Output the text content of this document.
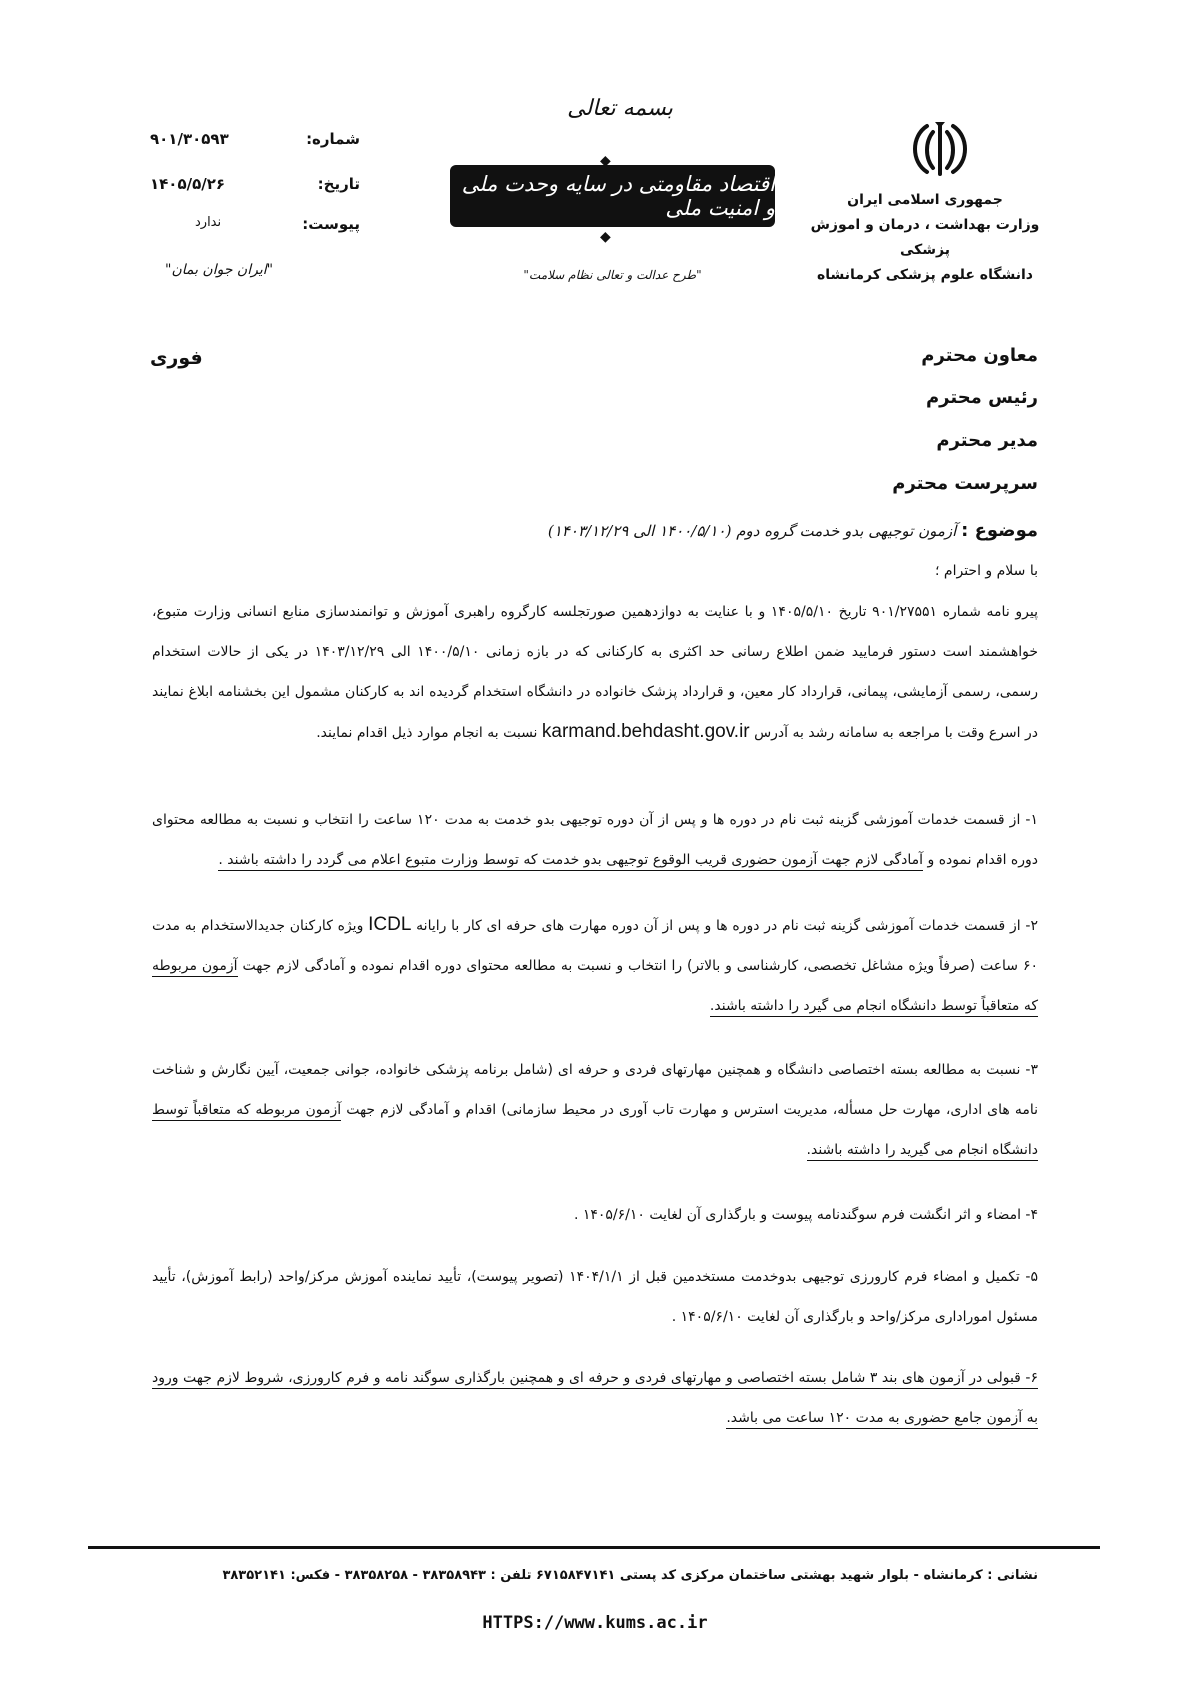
جمهوری اسلامی ایران
وزارت بهداشت ، درمان و اموزش پزشکی
دانشگاه علوم پزشکی کرمانشاه
بسمه تعالی
◆ اقتصاد مقاومتی در سایه وحدت ملی و امنیت ملی
◆
"طرح عدالت و تعالی نظام سلامت"
شماره:
۹۰۱/۳۰۵۹۳
تاریخ:
۱۴۰۵/۵/۲۶
پیوست:
ندارد
"ایران جوان بمان"
فوری	معاون محترم
رئیس محترم
مدیر محترم
سرپرست محترم
موضوع : آزمون توجیهی بدو خدمت گروه دوم (۱۴۰۰/۵/۱۰ الی ۱۴۰۳/۱۲/۲۹)
با سلام و احترام ؛
پیرو نامه شماره ۹۰۱/۲۷۵۵۱ تاریخ ۱۴۰۵/۵/۱۰ و با عنایت به دوازدهمین صورتجلسه کارگروه راهبری آموزش و توانمندسازی منابع انسانی وزارت متبوع، خواهشمند است دستور فرمایید ضمن اطلاع رسانی حد اکثری به کارکنانی که در بازه زمانی ۱۴۰۰/۵/۱۰ الی ۱۴۰۳/۱۲/۲۹ در یکی از حالات استخدام رسمی، رسمی آزمایشی، پیمانی، قرارداد کار معین، و قرارداد پزشک خانواده در دانشگاه استخدام گردیده اند به کارکنان مشمول این بخشنامه ابلاغ نمایند در اسرع وقت با مراجعه به سامانه رشد به آدرس karmand.behdasht.gov.ir نسبت به انجام موارد ذیل اقدام نمایند.
۱- از قسمت خدمات آموزشی گزینه ثبت نام در دوره ها و پس از آن دوره توجیهی بدو خدمت به مدت ۱۲۰ ساعت را انتخاب و نسبت به مطالعه محتوای دوره اقدام نموده و آمادگی لازم جهت آزمون حضوری قریب الوقوع توجیهی بدو خدمت که توسط وزارت متبوع اعلام می گردد را داشته باشند .
۲- از قسمت خدمات آموزشی گزینه ثبت نام در دوره ها و پس از آن دوره مهارت های حرفه ای کار با رایانه ICDL ویژه کارکنان جدیدالاستخدام به مدت ۶۰ ساعت (صرفاً ویژه مشاغل تخصصی، کارشناسی و بالاتر) را انتخاب و نسبت به مطالعه محتوای دوره اقدام نموده و آمادگی لازم جهت آزمون مربوطه که متعاقباً توسط دانشگاه انجام می گیرد را داشته باشند.
۳- نسبت به مطالعه بسته اختصاصی دانشگاه و همچنین مهارتهای فردی و حرفه ای (شامل برنامه پزشکی خانواده، جوانی جمعیت، آیین نگارش و شناخت نامه های اداری، مهارت حل مسأله، مدیریت استرس و مهارت تاب آوری در محیط سازمانی) اقدام و آمادگی لازم جهت آزمون مربوطه که متعاقباً توسط دانشگاه انجام می گیرید را داشته باشند.
۴- امضاء و اثر انگشت فرم سوگندنامه پیوست و بارگذاری آن لغایت ۱۴۰۵/۶/۱۰ .
۵- تکمیل و امضاء فرم کارورزی توجیهی بدوخدمت مستخدمین قبل از ۱۴۰۴/۱/۱ (تصویر پیوست)، تأیید نماینده آموزش مرکز/واحد (رابط آموزش)، تأیید مسئول اموراداری مرکز/واحد و بارگذاری آن لغایت ۱۴۰۵/۶/۱۰ .
۶- قبولی در آزمون های بند ۳ شامل بسته اختصاصی و مهارتهای فردی و حرفه ای و همچنین بارگذاری سوگند نامه و فرم کارورزی، شروط لازم جهت ورود به آزمون جامع حضوری به مدت ۱۲۰ ساعت می باشد.
نشانی : کرمانشاه - بلوار شهید بهشتی ساختمان مرکزی کد پستی ۶۷۱۵۸۴۷۱۴۱ تلفن : ۳۸۳۵۸۹۴۳ - ۳۸۳۵۸۲۵۸ - فکس: ۳۸۳۵۲۱۴۱
HTTPS://www.kums.ac.ir
